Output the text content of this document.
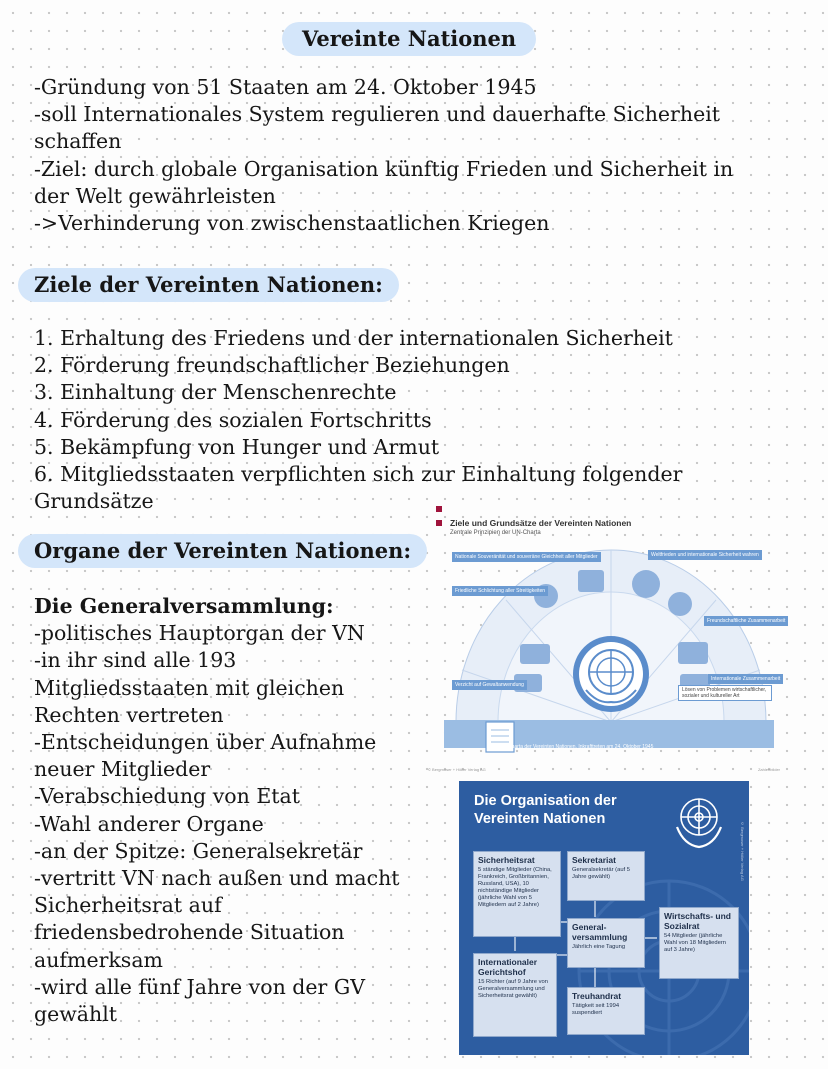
Vereinte Nationen
-Gründung von 51 Staaten am 24. Oktober 1945
-soll Internationales System regulieren und dauerhafte Sicherheit
schaffen
-Ziel: durch globale Organisation künftig Frieden und Sicherheit in
der Welt gewährleisten
->Verhinderung von zwischenstaatlichen Kriegen
Ziele der Vereinten Nationen:
1. Erhaltung des Friedens und der internationalen Sicherheit
2. Förderung freundschaftlicher Beziehungen
3. Einhaltung der Menschenrechte
4. Förderung des sozialen Fortschritts
5. Bekämpfung von Hunger und Armut
6. Mitgliedsstaaten verpflichten sich zur Einhaltung folgender
Grundsätze
Organe der Vereinten Nationen:
Die Generalversammlung:
-politisches Hauptorgan der VN
-in ihr sind alle 193
Mitgliedsstaaten mit gleichen
Rechten vertreten
-Entscheidungen über Aufnahme
neuer Mitglieder
-Verabschiedung von Etat
-Wahl anderer Organe
-an der Spitze: Generalsekretär
-vertritt VN nach außen und macht
Sicherheitsrat auf
friedensbedrohende Situation
aufmerksam
-wird alle fünf Jahre von der GV
gewählt
Ziele und Grundsätze der Vereinten Nationen
Zentrale Prinzipien der UN-Charta
Nationale Souveränität und souveräne Gleichheit aller Mitglieder	Weltfrieden und internationale Sicherheit wahren
Friedliche Schlichtung aller Streitigkeiten
Freundschaftliche Zusammenarbeit
Verzicht auf Gewaltanwendung
Internationale Zusammenarbeit
Lösen von Problemen wirtschaftlicher, sozialer und kultureller Art
Charta der Vereinten Nationen, Inkrafttreten am 24. Oktober 1945
© Bergmoser + Höller Verlag AG	Zahlenbilder
Die Organisation der
Vereinten Nationen
© Bergmoser + Höller Verlag AG
Sicherheitsrat
5 ständige Mitglieder (China, Frankreich, Großbritannien, Russland, USA), 10 nichtständige Mitglieder (jährliche Wahl von 5 Mitgliedern auf 2 Jahre)
Sekretariat
Generalsekretär (auf 5 Jahre gewählt)
General-versammlung
Jährlich eine Tagung
Wirtschafts- und Sozialrat
54 Mitglieder (jährliche Wahl von 18 Mitgliedern auf 3 Jahre)
Internationaler Gerichtshof
15 Richter (auf 9 Jahre von Generalversammlung und Sicherheitsrat gewählt)	Treuhandrat
Tätigkeit seit 1994 suspendiert
